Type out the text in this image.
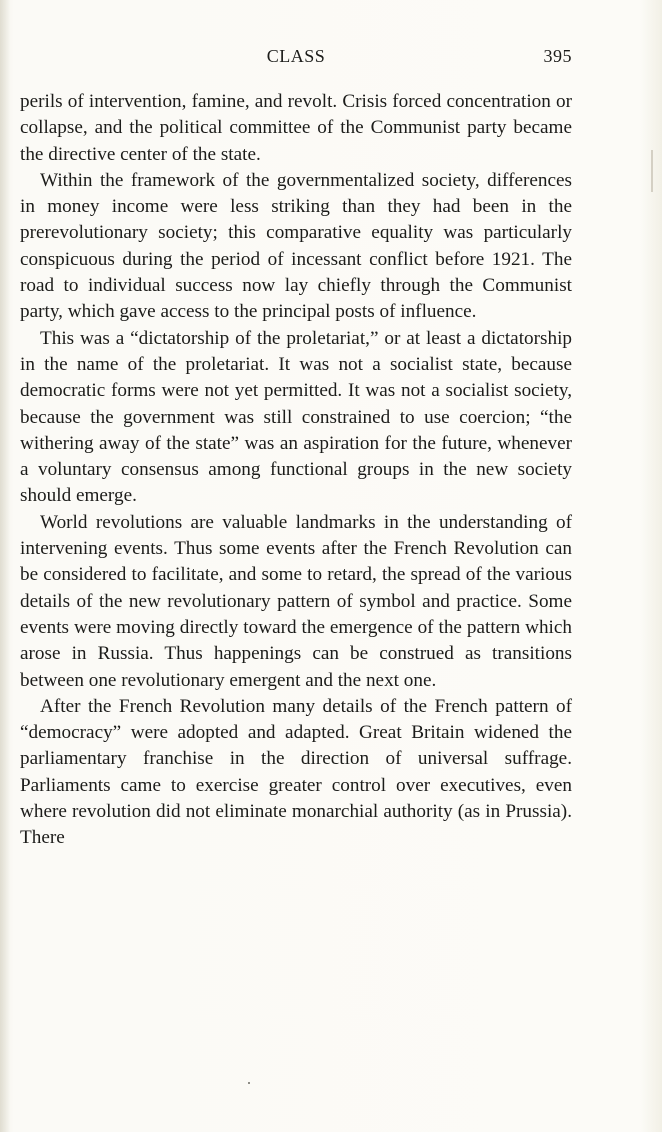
CLASS	395

perils of intervention, famine, and revolt. Crisis forced concentration or collapse, and the political committee of the Communist party became the directive center of the state.

Within the framework of the governmentalized society, differences in money income were less striking than they had been in the prerevolutionary society; this comparative equality was particularly conspicuous during the period of incessant conflict before 1921. The road to individual success now lay chiefly through the Communist party, which gave access to the principal posts of influence.

This was a “dictatorship of the proletariat,” or at least a dictatorship in the name of the proletariat. It was not a socialist state, because democratic forms were not yet permitted. It was not a socialist society, because the government was still constrained to use coercion; “the withering away of the state” was an aspiration for the future, whenever a voluntary consensus among functional groups in the new society should emerge.

World revolutions are valuable landmarks in the understanding of intervening events. Thus some events after the French Revolution can be considered to facilitate, and some to retard, the spread of the various details of the new revolutionary pattern of symbol and practice. Some events were moving directly toward the emergence of the pattern which arose in Russia. Thus happenings can be construed as transitions between one revolutionary emergent and the next one.

After the French Revolution many details of the French pattern of “democracy” were adopted and adapted. Great Britain widened the parliamentary franchise in the direction of universal suffrage. Parliaments came to exercise greater control over executives, even where revolution did not eliminate monarchial authority (as in Prussia). There
